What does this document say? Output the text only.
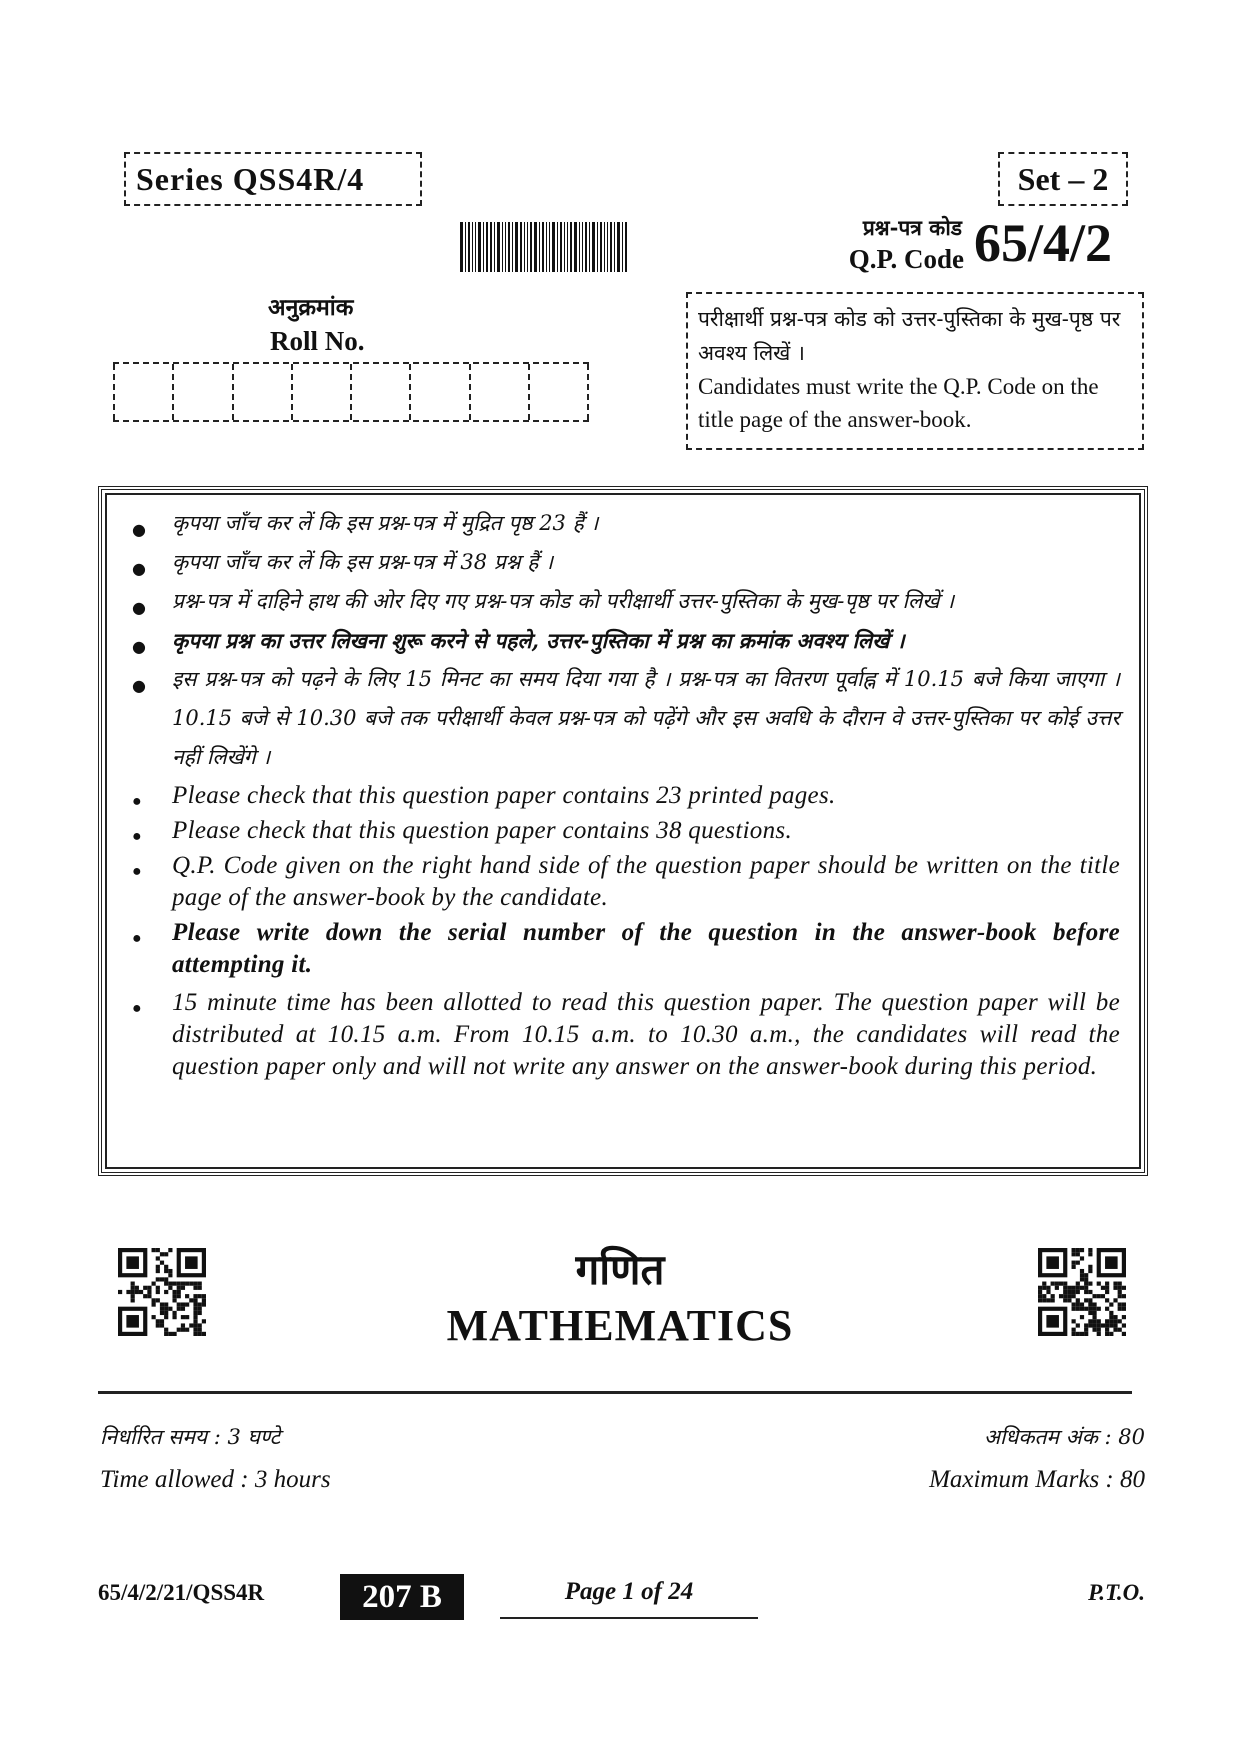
Series QSS4R/4	Set – 2
प्रश्न-पत्र कोड
Q.P. Code 65/4/2
अनुक्रमांक
Roll No.
परीक्षार्थी प्रश्न-पत्र कोड को उत्तर-पुस्तिका के मुख-पृष्ठ पर अवश्य लिखें ।
Candidates must write the Q.P. Code on the title page of the answer-book.
● कृपया जाँच कर लें कि इस प्रश्न-पत्र में मुद्रित पृष्ठ 23 हैं ।
● कृपया जाँच कर लें कि इस प्रश्न-पत्र में 38 प्रश्न हैं ।
● प्रश्न-पत्र में दाहिने हाथ की ओर दिए गए प्रश्न-पत्र कोड को परीक्षार्थी उत्तर-पुस्तिका के मुख-पृष्ठ पर लिखें ।
● कृपया प्रश्न का उत्तर लिखना शुरू करने से पहले, उत्तर-पुस्तिका में प्रश्न का क्रमांक अवश्य लिखें ।
● इस प्रश्न-पत्र को पढ़ने के लिए 15 मिनट का समय दिया गया है । प्रश्न-पत्र का वितरण पूर्वाह्न में 10.15 बजे किया जाएगा । 10.15 बजे से 10.30 बजे तक परीक्षार्थी केवल प्रश्न-पत्र को पढ़ेंगे और इस अवधि के दौरान वे उत्तर-पुस्तिका पर कोई उत्तर नहीं लिखेंगे ।
● Please check that this question paper contains 23 printed pages.
● Please check that this question paper contains 38 questions.
● Q.P. Code given on the right hand side of the question paper should be written on the title page of the answer-book by the candidate.
● Please write down the serial number of the question in the answer-book before attempting it.
● 15 minute time has been allotted to read this question paper. The question paper will be distributed at 10.15 a.m. From 10.15 a.m. to 10.30 a.m., the candidates will read the question paper only and will not write any answer on the answer-book during this period.
गणित
MATHEMATICS
निर्धारित समय : 3 घण्टे
Time allowed : 3 hours
अधिकतम अंक : 80
Maximum Marks : 80
65/4/2/21/QSS4R	207 B	Page 1 of 24	P.T.O.
